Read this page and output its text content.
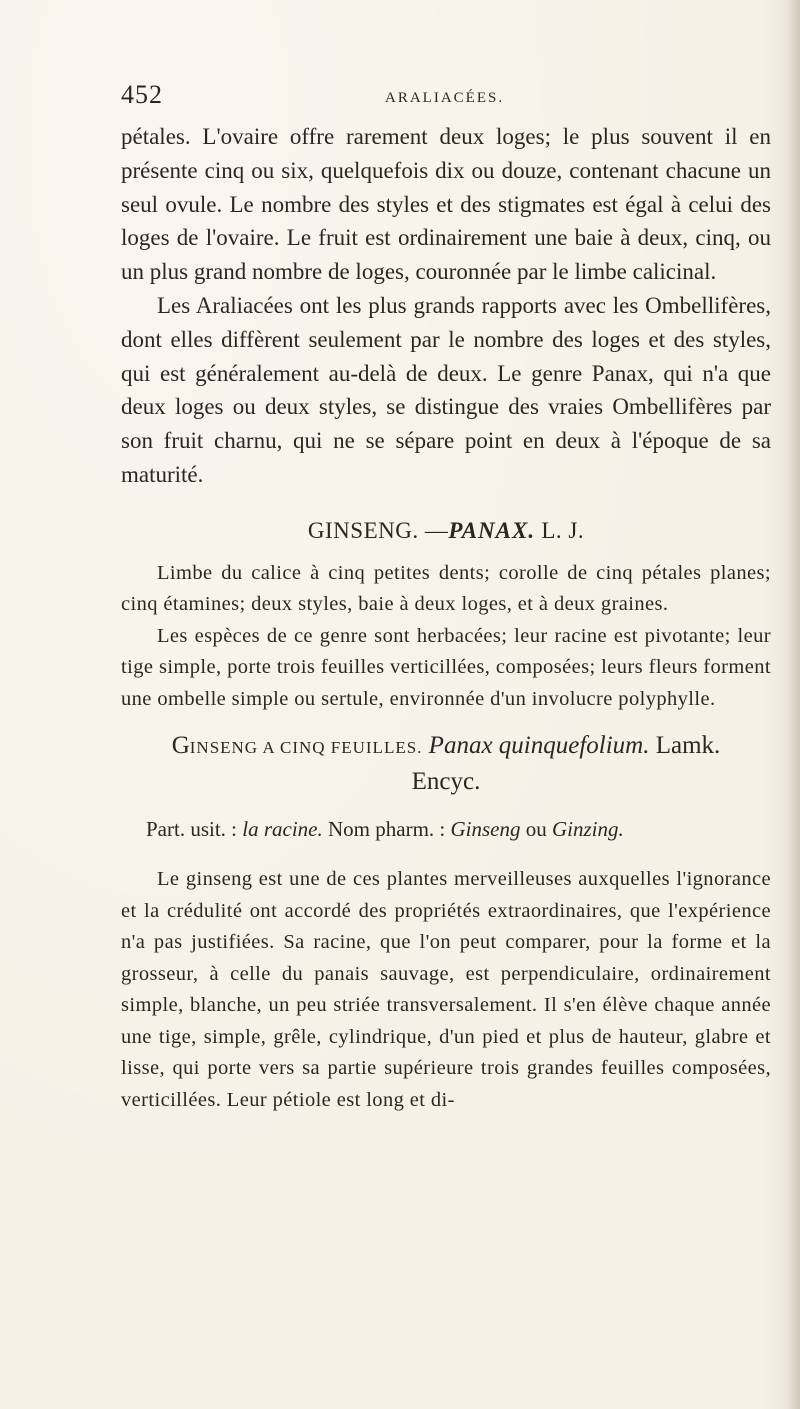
452	ARALIACÉES.

pétales. L'ovaire offre rarement deux loges; le plus souvent il en présente cinq ou six, quelquefois dix ou douze, contenant chacune un seul ovule. Le nombre des styles et des stigmates est égal à celui des loges de l'ovaire. Le fruit est ordinairement une baie à deux, cinq, ou un plus grand nombre de loges, couronnée par le limbe calicinal.

Les Araliacées ont les plus grands rapports avec les Ombellifères, dont elles diffèrent seulement par le nombre des loges et des styles, qui est généralement au-delà de deux. Le genre Panax, qui n'a que deux loges ou deux styles, se distingue des vraies Ombellifères par son fruit charnu, qui ne se sépare point en deux à l'époque de sa maturité.

GINSENG. —PANAX. L. J.

Limbe du calice à cinq petites dents; corolle de cinq pétales planes; cinq étamines; deux styles, baie à deux loges, et à deux graines.

Les espèces de ce genre sont herbacées; leur racine est pivotante; leur tige simple, porte trois feuilles verticillées, composées; leurs fleurs forment une ombelle simple ou sertule, environnée d'un involucre polyphylle.

GINSENG A CINQ FEUILLES. Panax quinquefolium. Lamk.
Encyc.
Part. usit. : la racine. Nom pharm. : Ginseng ou Ginzing.

Le ginseng est une de ces plantes merveilleuses auxquelles l'ignorance et la crédulité ont accordé des propriétés extraordinaires, que l'expérience n'a pas justifiées. Sa racine, que l'on peut comparer, pour la forme et la grosseur, à celle du panais sauvage, est perpendiculaire, ordinairement simple, blanche, un peu striée transversalement. Il s'en élève chaque année une tige, simple, grêle, cylindrique, d'un pied et plus de hauteur, glabre et lisse, qui porte vers sa partie supérieure trois grandes feuilles composées, verticillées. Leur pétiole est long et di-
